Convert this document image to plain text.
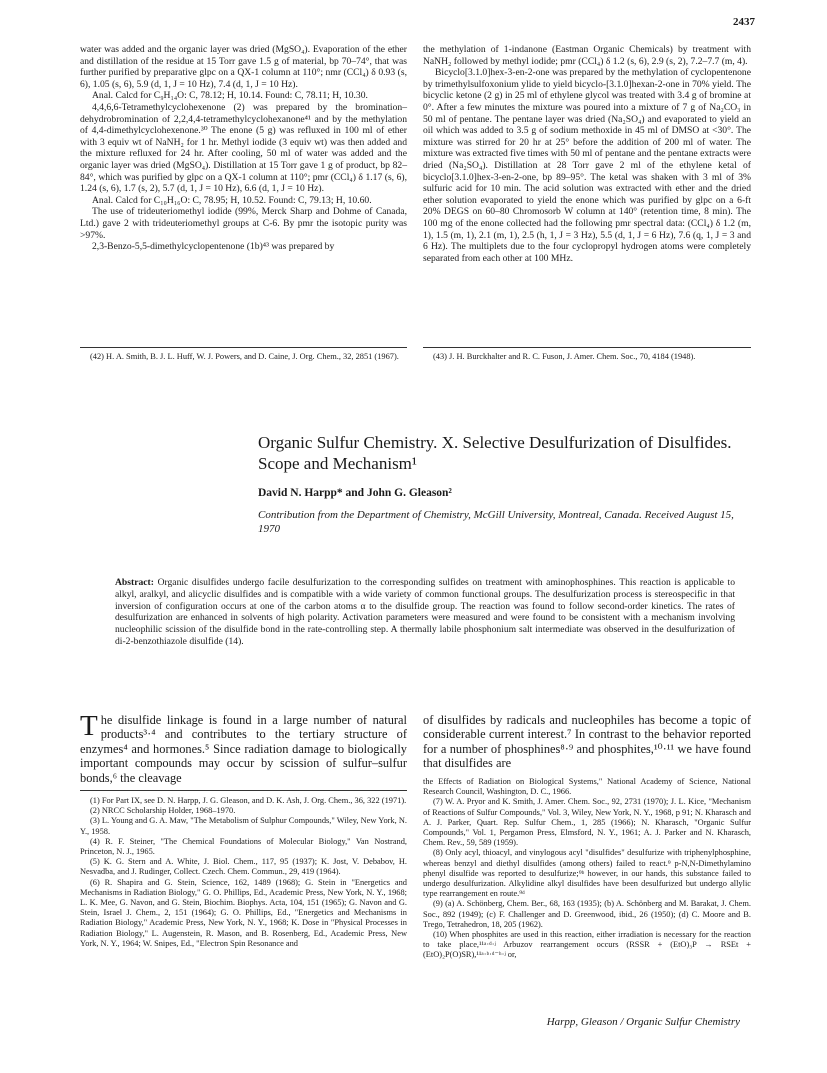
2437

water was added and the organic layer was dried (MgSO₄). Evaporation of the ether and distillation of the residue at 15 Torr gave 1.5 g of material, bp 70–74°, that was further purified by preparative glpc on a QX-1 column at 110°; nmr (CCl₄) δ 0.93 (s, 6), 1.05 (s, 6), 5.9 (d, 1, J = 10 Hz), 7.4 (d, 1, J = 10 Hz).

Anal. Calcd for C₉H₁₄O: C, 78.12; H, 10.14. Found: C, 78.11; H, 10.30.

4,4,6,6-Tetramethylcyclohexenone (2) was prepared by the bromination–dehydrobromination of 2,2,4,4-tetramethylcyclohexanone⁴¹ and by the methylation of 4,4-dimethylcyclohexenone.³⁰ The enone (5 g) was refluxed in 100 ml of ether with 3 equiv wt of NaNH₂ for 1 hr. Methyl iodide (3 equiv wt) was then added and the mixture refluxed for 24 hr. After cooling, 50 ml of water was added and the organic layer was dried (MgSO₄). Distillation at 15 Torr gave 1 g of product, bp 82–84°, which was purified by glpc on a QX-1 column at 110°; pmr (CCl₄) δ 1.17 (s, 6), 1.24 (s, 6), 1.7 (s, 2), 5.7 (d, 1, J = 10 Hz), 6.6 (d, 1, J = 10 Hz).

Anal. Calcd for C₁₀H₁₆O: C, 78.95; H, 10.52. Found: C, 79.13; H, 10.60.

The use of trideuteriomethyl iodide (99%, Merck Sharp and Dohme of Canada, Ltd.) gave 2 with trideuteriomethyl groups at C-6. By pmr the isotopic purity was >97%.

2,3-Benzo-5,5-dimethylcyclopentenone (1b)⁴³ was prepared by

the methylation of 1-indanone (Eastman Organic Chemicals) by treatment with NaNH₂ followed by methyl iodide; pmr (CCl₄) δ 1.2 (s, 6), 2.9 (s, 2), 7.2–7.7 (m, 4).

Bicyclo[3.1.0]hex-3-en-2-one was prepared by the methylation of cyclopentenone by trimethylsulfoxonium ylide to yield bicyclo-[3.1.0]hexan-2-one in 70% yield. The bicyclic ketone (2 g) in 25 ml of ethylene glycol was treated with 3.4 g of bromine at 0°. After a few minutes the mixture was poured into a mixture of 7 g of Na₂CO₃ in 50 ml of pentane. The pentane layer was dried (Na₂SO₄) and evaporated to yield an oil which was added to 3.5 g of sodium methoxide in 45 ml of DMSO at <30°. The mixture was stirred for 20 hr at 25° before the addition of 200 ml of water. The mixture was extracted five times with 50 ml of pentane and the pentane extracts were dried (Na₂SO₄). Distillation at 28 Torr gave 2 ml of the ethylene ketal of bicyclo[3.1.0]hex-3-en-2-one, bp 89–95°. The ketal was shaken with 3 ml of 3% sulfuric acid for 10 min. The acid solution was extracted with ether and the dried ether solution evaporated to yield the enone which was purified by glpc on a 6-ft 20% DEGS on 60–80 Chromosorb W column at 140° (retention time, 8 min). The 100 mg of the enone collected had the following pmr spectral data: (CCl₄) δ 1.2 (m, 1), 1.5 (m, 1), 2.1 (m, 1), 2.5 (h, 1, J = 3 Hz), 5.5 (d, 1, J = 6 Hz), 7.6 (q, 1, J = 3 and 6 Hz). The multiplets due to the four cyclopropyl hydrogen atoms were completely separated from each other at 100 MHz.

(42) H. A. Smith, B. J. L. Huff, W. J. Powers, and D. Caine, J. Org. Chem., 32, 2851 (1967).	(43) J. H. Burckhalter and R. C. Fuson, J. Amer. Chem. Soc., 70, 4184 (1948).

Organic Sulfur Chemistry. X. Selective Desulfurization of Disulfides. Scope and Mechanism¹
David N. Harpp* and John G. Gleason²
Contribution from the Department of Chemistry, McGill University, Montreal, Canada. Received August 15, 1970
Abstract: Organic disulfides undergo facile desulfurization to the corresponding sulfides on treatment with aminophosphines. This reaction is applicable to alkyl, aralkyl, and alicyclic disulfides and is compatible with a wide variety of common functional groups. The desulfurization process is stereospecific in that inversion of configuration occurs at one of the carbon atoms α to the disulfide group. The reaction was found to follow second-order kinetics. The rates of desulfurization are enhanced in solvents of high polarity. Activation parameters were measured and were found to be consistent with a mechanism involving nucleophilic scission of the disulfide bond in the rate-controlling step. A thermally labile phosphonium salt intermediate was observed in the desulfurization of di-2-benzothiazole disulfide (14).

T he disulfide linkage is found in a large number of natural products³·⁴ and contributes to the tertiary structure of enzymes⁴ and hormones.⁵ Since radiation damage to biologically important compounds may occur by scission of sulfur–sulfur bonds,⁶ the cleavage

of disulfides by radicals and nucleophiles has become a topic of considerable current interest.⁷ In contrast to the behavior reported for a number of phosphines⁸·⁹ and phosphites,¹⁰·¹¹ we have found that disulfides are

(1) For Part IX, see D. N. Harpp, J. G. Gleason, and D. K. Ash, J. Org. Chem., 36, 322 (1971).

(2) NRCC Scholarship Holder, 1968–1970.

(3) L. Young and G. A. Maw, "The Metabolism of Sulphur Compounds," Wiley, New York, N. Y., 1958.

(4) R. F. Steiner, "The Chemical Foundations of Molecular Biology," Van Nostrand, Princeton, N. J., 1965.

(5) K. G. Stern and A. White, J. Biol. Chem., 117, 95 (1937); K. Jost, V. Debabov, H. Nesvadba, and J. Rudinger, Collect. Czech. Chem. Commun., 29, 419 (1964).

(6) R. Shapira and G. Stein, Science, 162, 1489 (1968); G. Stein in "Energetics and Mechanisms in Radiation Biology," G. O. Phillips, Ed., Academic Press, New York, N. Y., 1968; L. K. Mee, G. Navon, and G. Stein, Biochim. Biophys. Acta, 104, 151 (1965); G. Navon and G. Stein, Israel J. Chem., 2, 151 (1964); G. O. Phillips, Ed., "Energetics and Mechanisms in Radiation Biology," Academic Press, New York, N. Y., 1968; K. Dose in "Physical Processes in Radiation Biology," L. Augenstein, R. Mason, and B. Rosenberg, Ed., Academic Press, New York, N. Y., 1964; W. Snipes, Ed., "Electron Spin Resonance and

the Effects of Radiation on Biological Systems," National Academy of Science, National Research Council, Washington, D. C., 1966.

(7) W. A. Pryor and K. Smith, J. Amer. Chem. Soc., 92, 2731 (1970); J. L. Kice, "Mechanism of Reactions of Sulfur Compounds," Vol. 3, Wiley, New York, N. Y., 1968, p 91; N. Kharasch and A. J. Parker, Quart. Rep. Sulfur Chem., 1, 285 (1966); N. Kharasch, "Organic Sulfur Compounds," Vol. 1, Pergamon Press, Elmsford, N. Y., 1961; A. J. Parker and N. Kharasch, Chem. Rev., 59, 589 (1959).

(8) Only acyl, thioacyl, and vinylogous acyl "disulfides" desulfurize with triphenylphosphine, whereas benzyl and diethyl disulfides (among others) failed to react.⁹ p-N,N-Dimethylamino phenyl disulfide was reported to desulfurize;⁹ᵇ however, in our hands, this substance failed to undergo desulfurization. Alkylidine alkyl disulfides have been desulfurized but undergo allylic type rearrangement en route.⁹ᵈ

(9) (a) A. Schönberg, Chem. Ber., 68, 163 (1935); (b) A. Schönberg and M. Barakat, J. Chem. Soc., 892 (1949); (c) F. Challenger and D. Greenwood, ibid., 26 (1950); (d) C. Moore and B. Trego, Tetrahedron, 18, 205 (1962).

(10) When phosphites are used in this reaction, either irradiation is necessary for the reaction to take place,¹¹ᵃ·ᵈ·ʲ Arbuzov rearrangement occurs (RSSR + (EtO)₃P → RSEt + (EtO)₂P(O)SR),¹¹ᵃ·ᵇ·ᵈ⁻ʰ·ʲ or,

Harpp, Gleason / Organic Sulfur Chemistry
